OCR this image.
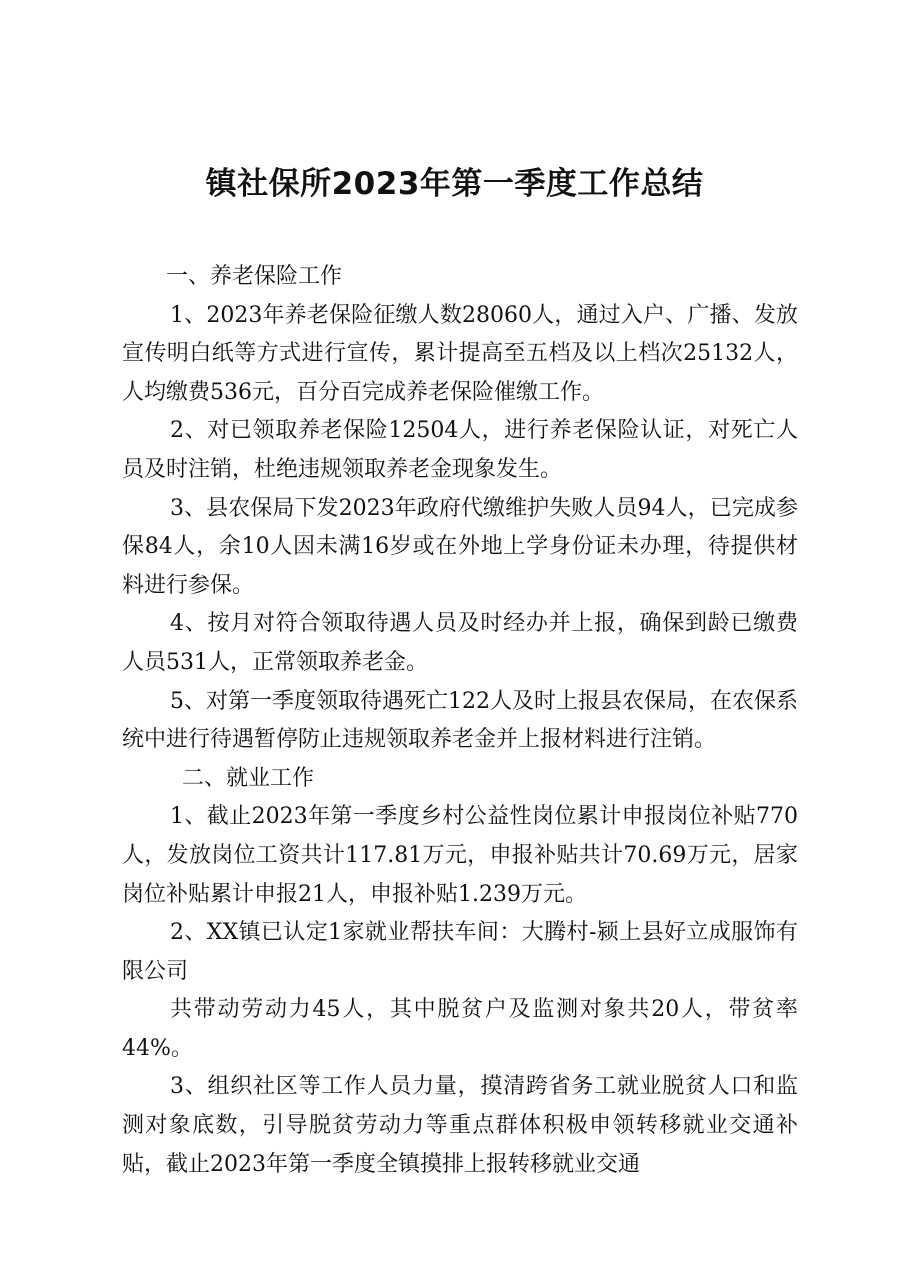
镇社保所2023年第一季度工作总结
一、养老保险工作

1、2023年养老保险征缴人数28060人，通过入户、广播、发放宣传明白纸等方式进行宣传，累计提高至五档及以上档次25132人，人均缴费536元，百分百完成养老保险催缴工作。

2、对已领取养老保险12504人，进行养老保险认证，对死亡人员及时注销，杜绝违规领取养老金现象发生。

3、县农保局下发2023年政府代缴维护失败人员94人，已完成参保84人，余10人因未满16岁或在外地上学身份证未办理，待提供材料进行参保。

4、按月对符合领取待遇人员及时经办并上报，确保到龄已缴费人员531人，正常领取养老金。

5、对第一季度领取待遇死亡122人及时上报县农保局，在农保系统中进行待遇暂停防止违规领取养老金并上报材料进行注销。

二、就业工作

1、截止2023年第一季度乡村公益性岗位累计申报岗位补贴770人，发放岗位工资共计117.81万元，申报补贴共计70.69万元，居家岗位补贴累计申报21人，申报补贴1.239万元。

2、XX镇已认定1家就业帮扶车间：大腾村-颍上县好立成服饰有限公司

共带动劳动力45人，其中脱贫户及监测对象共20人，带贫率44%。

3、组织社区等工作人员力量，摸清跨省务工就业脱贫人口和监测对象底数，引导脱贫劳动力等重点群体积极申领转移就业交通补贴，截止2023年第一季度全镇摸排上报转移就业交通
